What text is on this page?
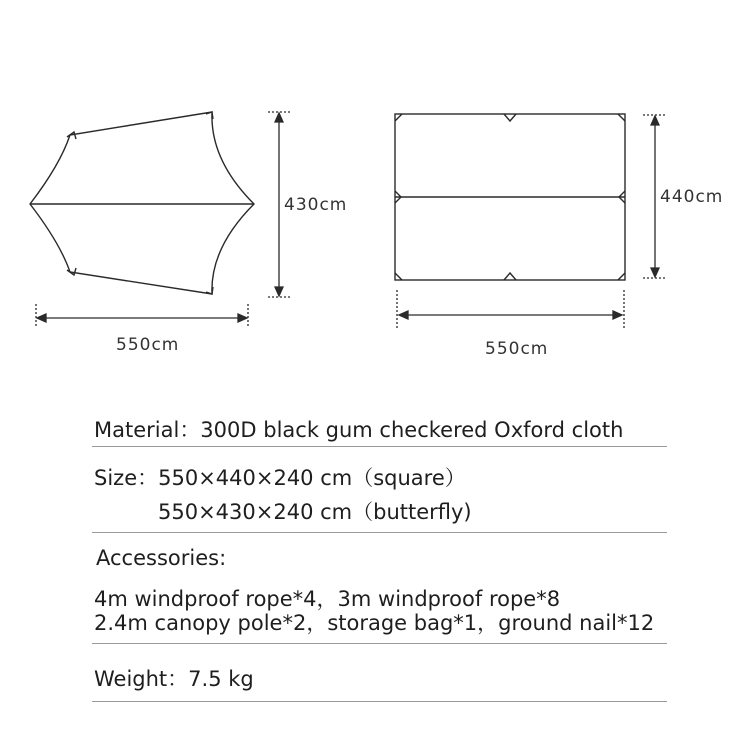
430cm
550cm
440cm
550cm
Material：300D black gum checkered Oxford cloth
Size：550×440×240 cm（square）
550×430×240 cm（butterfly)
Accessories:
4m windproof rope*4，3m windproof rope*8
2.4m canopy pole*2，storage bag*1，ground nail*12
Weight：7.5 kg
